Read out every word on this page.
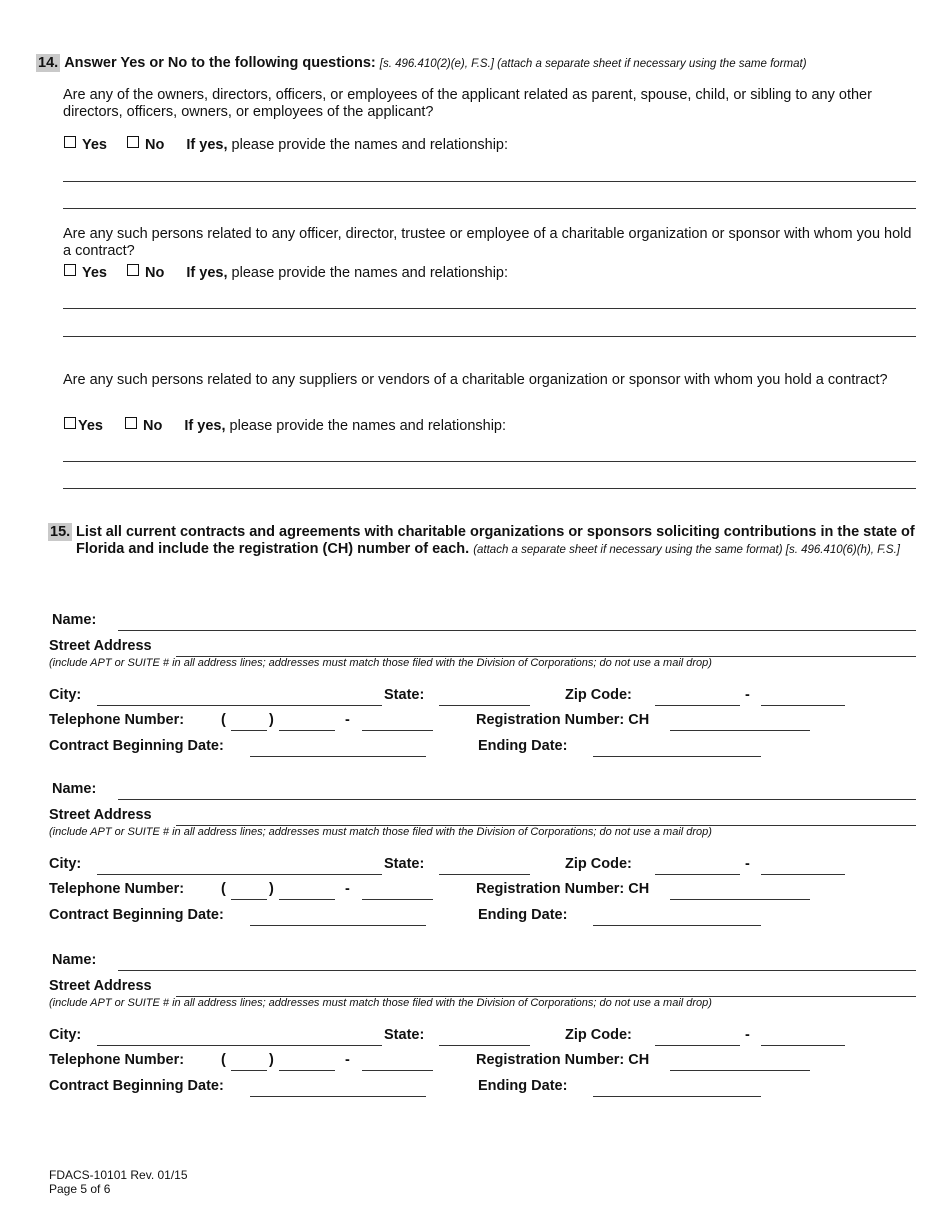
14. Answer Yes or No to the following questions: [s. 496.410(2)(e), F.S.] (attach a separate sheet if necessary using the same format)
Are any of the owners, directors, officers, or employees of the applicant related as parent, spouse, child, or sibling to any other directors, officers, owners, or employees of the applicant?
Yes	No If yes, please provide the names and relationship:
Are any such persons related to any officer, director, trustee or employee of a charitable organization or sponsor with whom you hold a contract?
Yes	No If yes, please provide the names and relationship:
Are any such persons related to any suppliers or vendors of a charitable organization or sponsor with whom you hold a contract?
Yes	No If yes, please provide the names and relationship:
15. List all current contracts and agreements with charitable organizations or sponsors soliciting contributions in the state of Florida and include the registration (CH) number of each. (attach a separate sheet if necessary using the same format) [s. 496.410(6)(h), F.S.]
Name:
Street Address
(include APT or SUITE # in all address lines; addresses must match those filed with the Division of Corporations; do not use a mail drop)
City:	State:	Zip Code:	-
Telephone Number:	(	)	-	Registration Number: CH
Contract Beginning Date:	Ending Date:
Name:
Street Address
(include APT or SUITE # in all address lines; addresses must match those filed with the Division of Corporations; do not use a mail drop)
City:	State:	Zip Code:	-
Telephone Number:	(	)	-	Registration Number: CH
Contract Beginning Date:	Ending Date:
Name:
Street Address
(include APT or SUITE # in all address lines; addresses must match those filed with the Division of Corporations; do not use a mail drop)
City:	State:	Zip Code:	-
Telephone Number:	(	)	-	Registration Number: CH
Contract Beginning Date:	Ending Date:
FDACS-10101 Rev. 01/15
Page 5 of 6
